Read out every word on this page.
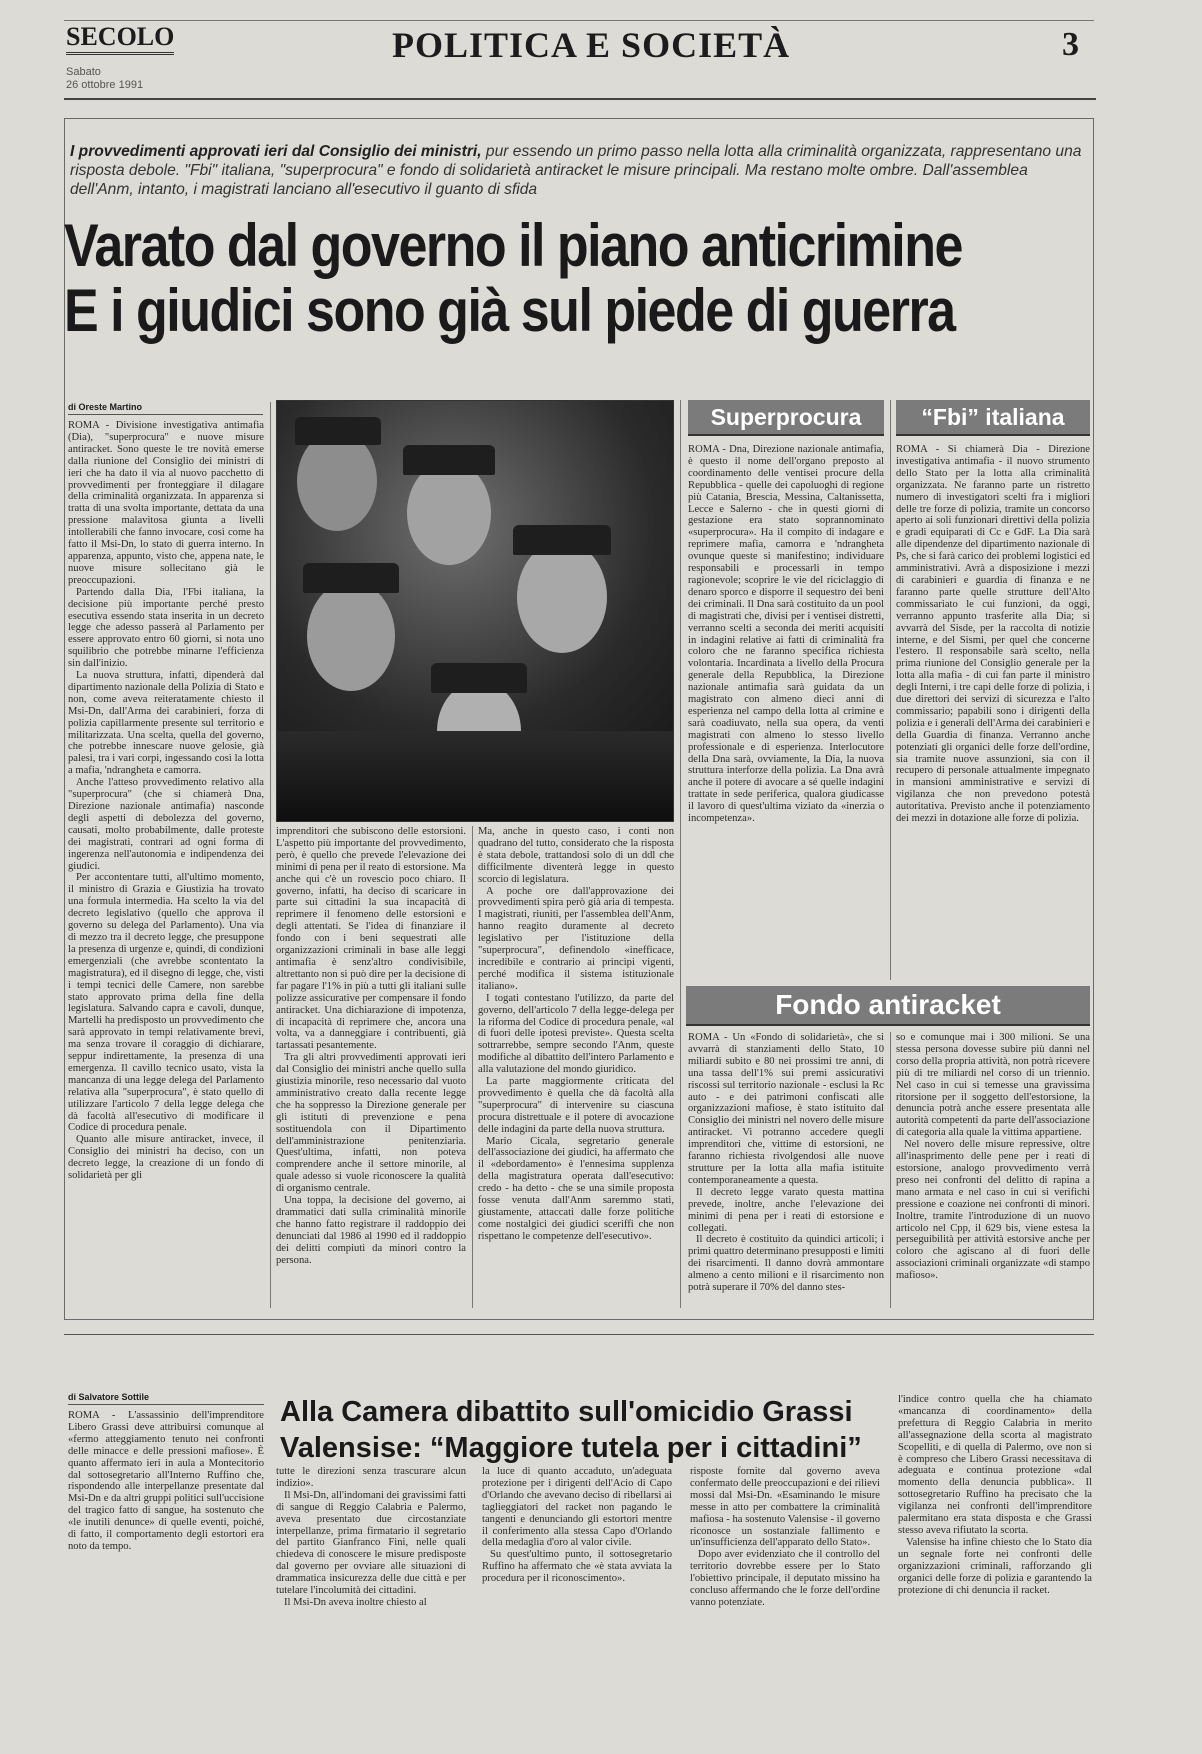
SECOLO
Sabato
26 ottobre 1991
POLITICA E SOCIETÀ	3
I provvedimenti approvati ieri dal Consiglio dei ministri, pur essendo un primo passo nella lotta alla criminalità organizzata, rappresentano una risposta debole. "Fbi" italiana, "superprocura" e fondo di solidarietà antiracket le misure principali. Ma restano molte ombre. Dall'assemblea dell'Anm, intanto, i magistrati lanciano all'esecutivo il guanto di sfida
Varato dal governo il piano anticrimine
E i giudici sono già sul piede di guerra
di Oreste Martino

ROMA - Divisione investigativa antimafia (Dia), "superprocura" e nuove misure antiracket. Sono queste le tre novità emerse dalla riunione del Consiglio dei ministri di ieri che ha dato il via al nuovo pacchetto di provvedimenti per fronteggiare il dilagare della criminalità organizzata. In apparenza si tratta di una svolta importante, dettata da una pressione malavitosa giunta a livelli intollerabili che fanno invocare, così come ha fatto il Msi-Dn, lo stato di guerra interno. In apparenza, appunto, visto che, appena nate, le nuove misure sollecitano già le preoccupazioni.

Partendo dalla Dia, l'Fbi italiana, la decisione più importante perché presto esecutiva essendo stata inserita in un decreto legge che adesso passerà al Parlamento per essere approvato entro 60 giorni, si nota uno squilibrio che potrebbe minarne l'efficienza sin dall'inizio.

La nuova struttura, infatti, dipenderà dal dipartimento nazionale della Polizia di Stato e non, come aveva reiteratamente chiesto il Msi-Dn, dall'Arma dei carabinieri, forza di polizia capillarmente presente sul territorio e militarizzata. Una scelta, quella del governo, che potrebbe innescare nuove gelosie, già palesi, tra i vari corpi, ingessando così la lotta a mafia, 'ndrangheta e camorra.

Anche l'atteso provvedimento relativo alla "superprocura" (che si chiamerà Dna, Direzione nazionale antimafia) nasconde degli aspetti di debolezza del governo, causati, molto probabilmente, dalle proteste dei magistrati, contrari ad ogni forma di ingerenza nell'autonomia e indipendenza dei giudici.

Per accontentare tutti, all'ultimo momento, il ministro di Grazia e Giustizia ha trovato una formula intermedia. Ha scelto la via del decreto legislativo (quello che approva il governo su delega del Parlamento). Una via di mezzo tra il decreto legge, che presuppone la presenza di urgenze e, quindi, di condizioni emergenziali (che avrebbe scontentato la magistratura), ed il disegno di legge, che, visti i tempi tecnici delle Camere, non sarebbe stato approvato prima della fine della legislatura. Salvando capra e cavoli, dunque, Martelli ha predisposto un provvedimento che sarà approvato in tempi relativamente brevi, ma senza trovare il coraggio di dichiarare, seppur indirettamente, la presenza di una emergenza. Il cavillo tecnico usato, vista la mancanza di una legge delega del Parlamento relativa alla "superprocura", è stato quello di utilizzare l'articolo 7 della legge delega che dà facoltà all'esecutivo di modificare il Codice di procedura penale.

Quanto alle misure antiracket, invece, il Consiglio dei ministri ha deciso, con un decreto legge, la creazione di un fondo di solidarietà per gli

imprenditori che subiscono delle estorsioni. L'aspetto più importante del provvedimento, però, è quello che prevede l'elevazione dei minimi di pena per il reato di estorsione. Ma anche qui c'è un rovescio poco chiaro. Il governo, infatti, ha deciso di scaricare in parte sui cittadini la sua incapacità di reprimere il fenomeno delle estorsioni e degli attentati. Se l'idea di finanziare il fondo con i beni sequestrati alle organizzazioni criminali in base alle leggi antimafia è senz'altro condivisibile, altrettanto non si può dire per la decisione di far pagare l'1% in più a tutti gli italiani sulle polizze assicurative per compensare il fondo antiracket. Una dichiarazione di impotenza, di incapacità di reprimere che, ancora una volta, va a danneggiare i contribuenti, già tartassati pesantemente.

Tra gli altri provvedimenti approvati ieri dal Consiglio dei ministri anche quello sulla giustizia minorile, reso necessario dal vuoto amministrativo creato dalla recente legge che ha soppresso la Direzione generale per gli istituti di prevenzione e pena sostituendola con il Dipartimento dell'amministrazione penitenziaria. Quest'ultima, infatti, non poteva comprendere anche il settore minorile, al quale adesso si vuole riconoscere la qualità di organismo centrale.

Una toppa, la decisione del governo, ai drammatici dati sulla criminalità minorile che hanno fatto registrare il raddoppio dei denunciati dal 1986 al 1990 ed il raddoppio dei delitti compiuti da minori contro la persona.

Ma, anche in questo caso, i conti non quadrano del tutto, considerato che la risposta è stata debole, trattandosi solo di un ddl che difficilmente diventerà legge in questo scorcio di legislatura.

A poche ore dall'approvazione dei provvedimenti spira però già aria di tempesta. I magistrati, riuniti, per l'assemblea dell'Anm, hanno reagito duramente al decreto legislativo per l'istituzione della "superprocura", definendolo «inefficace, incredibile e contrario ai princìpi vigenti, perché modifica il sistema istituzionale italiano».

I togati contestano l'utilizzo, da parte del governo, dell'articolo 7 della legge-delega per la riforma del Codice di procedura penale, «al di fuori delle ipotesi previste». Questa scelta sottrarrebbe, sempre secondo l'Anm, queste modifiche al dibattito dell'intero Parlamento e alla valutazione del mondo giuridico.

La parte maggiormente criticata del provvedimento è quella che dà facoltà alla "superprocura" di intervenire su ciascuna procura distrettuale e il potere di avocazione delle indagini da parte della nuova struttura.

Mario Cicala, segretario generale dell'associazione dei giudici, ha affermato che il «debordamento» è l'ennesima supplenza della magistratura operata dall'esecutivo: credo - ha detto - che se una simile proposta fosse venuta dall'Anm saremmo stati, giustamente, attaccati dalle forze politiche come nostalgici dei giudici sceriffi che non rispettano le competenze dell'esecutivo».

Superprocura

ROMA - Dna, Direzione nazionale antimafia, è questo il nome dell'organo preposto al coordinamento delle ventisei procure della Repubblica - quelle dei capoluoghi di regione più Catania, Brescia, Messina, Caltanissetta, Lecce e Salerno - che in questi giorni di gestazione era stato soprannominato «superprocura». Ha il compito di indagare e reprimere mafia, camorra e 'ndrangheta ovunque queste si manifestino; individuare responsabili e processarli in tempo ragionevole; scoprire le vie del riciclaggio di denaro sporco e disporre il sequestro dei beni dei criminali. Il Dna sarà costituito da un pool di magistrati che, divisi per i ventisei distretti, verranno scelti a seconda dei meriti acquisiti in indagini relative ai fatti di criminalità fra coloro che ne faranno specifica richiesta volontaria. Incardinata a livello della Procura generale della Repubblica, la Direzione nazionale antimafia sarà guidata da un magistrato con almeno dieci anni di esperienza nel campo della lotta al crimine e sarà coadiuvato, nella sua opera, da venti magistrati con almeno lo stesso livello professionale e di esperienza. Interlocutore della Dna sarà, ovviamente, la Dia, la nuova struttura interforze della polizia. La Dna avrà anche il potere di avocare a sé quelle indagini trattate in sede periferica, qualora giudicasse il lavoro di quest'ultima viziato da «inerzia o incompetenza».

“Fbi” italiana

ROMA - Si chiamerà Dia - Direzione investigativa antimafia - il nuovo strumento dello Stato per la lotta alla criminalità organizzata. Ne faranno parte un ristretto numero di investigatori scelti fra i migliori delle tre forze di polizia, tramite un concorso aperto ai soli funzionari direttivi della polizia e gradi equiparati di Cc e GdF. La Dia sarà alle dipendenze del dipartimento nazionale di Ps, che si farà carico dei problemi logistici ed amministrativi. Avrà a disposizione i mezzi di carabinieri e guardia di finanza e ne faranno parte quelle strutture dell'Alto commissariato le cui funzioni, da oggi, verranno appunto trasferite alla Dia; si avvarrà del Sisde, per la raccolta di notizie interne, e del Sismi, per quel che concerne l'estero. Il responsabile sarà scelto, nella prima riunione del Consiglio generale per la lotta alla mafia - di cui fan parte il ministro degli Interni, i tre capi delle forze di polizia, i due direttori dei servizi di sicurezza e l'alto commissario; papabili sono i dirigenti della polizia e i generali dell'Arma dei carabinieri e della Guardia di finanza. Verranno anche potenziati gli organici delle forze dell'ordine, sia tramite nuove assunzioni, sia con il recupero di personale attualmente impegnato in mansioni amministrative e servizi di vigilanza che non prevedono potestà autoritativa. Previsto anche il potenziamento dei mezzi in dotazione alle forze di polizia.

Fondo antiracket

ROMA - Un «Fondo di solidarietà», che si avvarrà di stanziamenti dello Stato, 10 miliardi subito e 80 nei prossimi tre anni, di una tassa dell'1% sui premi assicurativi riscossi sul territorio nazionale - esclusi la Rc auto - e dei patrimoni confiscati alle organizzazioni mafiose, è stato istituito dal Consiglio dei ministri nel novero delle misure antiracket. Vi potranno accedere quegli imprenditori che, vittime di estorsioni, ne faranno richiesta rivolgendosi alle nuove strutture per la lotta alla mafia istituite contemporaneamente a questa.

Il decreto legge varato questa mattina prevede, inoltre, anche l'elevazione dei minimi di pena per i reati di estorsione e collegati.

Il decreto è costituito da quindici articoli; i primi quattro determinano presupposti e limiti dei risarcimenti. Il danno dovrà ammontare almeno a cento milioni e il risarcimento non potrà superare il 70% del danno stes-

so e comunque mai i 300 milioni. Se una stessa persona dovesse subire più danni nel corso della propria attività, non potrà ricevere più di tre miliardi nel corso di un triennio. Nel caso in cui si temesse una gravissima ritorsione per il soggetto dell'estorsione, la denuncia potrà anche essere presentata alle autorità competenti da parte dell'associazione di categoria alla quale la vittima appartiene.

Nel novero delle misure repressive, oltre all'inasprimento delle pene per i reati di estorsione, analogo provvedimento verrà preso nei confronti del delitto di rapina a mano armata e nel caso in cui si verifichi pressione e coazione nei confronti di minori. Inoltre, tramite l'introduzione di un nuovo articolo nel Cpp, il 629 bis, viene estesa la perseguibilità per attività estorsive anche per coloro che agiscano al di fuori delle associazioni criminali organizzate «di stampo mafioso».

di Salvatore Sottile

ROMA - L'assassinio dell'imprenditore Libero Grassi deve attribuirsi comunque al «fermo atteggiamento tenuto nei confronti delle minacce e delle pressioni mafiose». È quanto affermato ieri in aula a Montecitorio dal sottosegretario all'Interno Ruffino che, rispondendo alle interpellanze presentate dal Msi-Dn e da altri gruppi politici sull'uccisione del tragico fatto di sangue, ha sostenuto che «le inutili denunce» di quelle eventi, poiché, di fatto, il comportamento degli estortori era noto da tempo.

Alla Camera dibattito sull'omicidio Grassi
Valensise: “Maggiore tutela per i cittadini”

tutte le direzioni senza trascurare alcun indizio».

Il Msi-Dn, all'indomani dei gravissimi fatti di sangue di Reggio Calabria e Palermo, aveva presentato due circostanziate interpellanze, prima firmatario il segretario del partito Gianfranco Fini, nelle quali chiedeva di conoscere le misure predisposte dal governo per ovviare alle situazioni di drammatica insicurezza delle due città e per tutelare l'incolumità dei cittadini.

Il Msi-Dn aveva inoltre chiesto al

la luce di quanto accaduto, un'adeguata protezione per i dirigenti dell'Acio di Capo d'Orlando che avevano deciso di ribellarsi ai taglieggiatori del racket non pagando le tangenti e denunciando gli estortori mentre il conferimento alla stessa Capo d'Orlando della medaglia d'oro al valor civile.

Su quest'ultimo punto, il sottosegretario Ruffino ha affermato che «è stata avviata la procedura per il riconoscimento».

risposte fornite dal governo aveva confermato delle preoccupazioni e dei rilievi mossi dal Msi-Dn. «Esaminando le misure messe in atto per combattere la criminalità mafiosa - ha sostenuto Valensise - il governo riconosce un sostanziale fallimento e un'insufficienza dell'apparato dello Stato».

Dopo aver evidenziato che il controllo del territorio dovrebbe essere per lo Stato l'obiettivo principale, il deputato missino ha concluso affermando che le forze dell'ordine vanno potenziate.

l'indice contro quella che ha chiamato «mancanza di coordinamento» della prefettura di Reggio Calabria in merito all'assegnazione della scorta al magistrato Scopelliti, e di quella di Palermo, ove non si è compreso che Libero Grassi necessitava di adeguata e continua protezione «dal momento della denuncia pubblica». Il sottosegretario Ruffino ha precisato che la vigilanza nei confronti dell'imprenditore palermitano era stata disposta e che Grassi stesso aveva rifiutato la scorta.

Valensise ha infine chiesto che lo Stato dia un segnale forte nei confronti delle organizzazioni criminali, rafforzando gli organici delle forze di polizia e garantendo la protezione di chi denuncia il racket.
